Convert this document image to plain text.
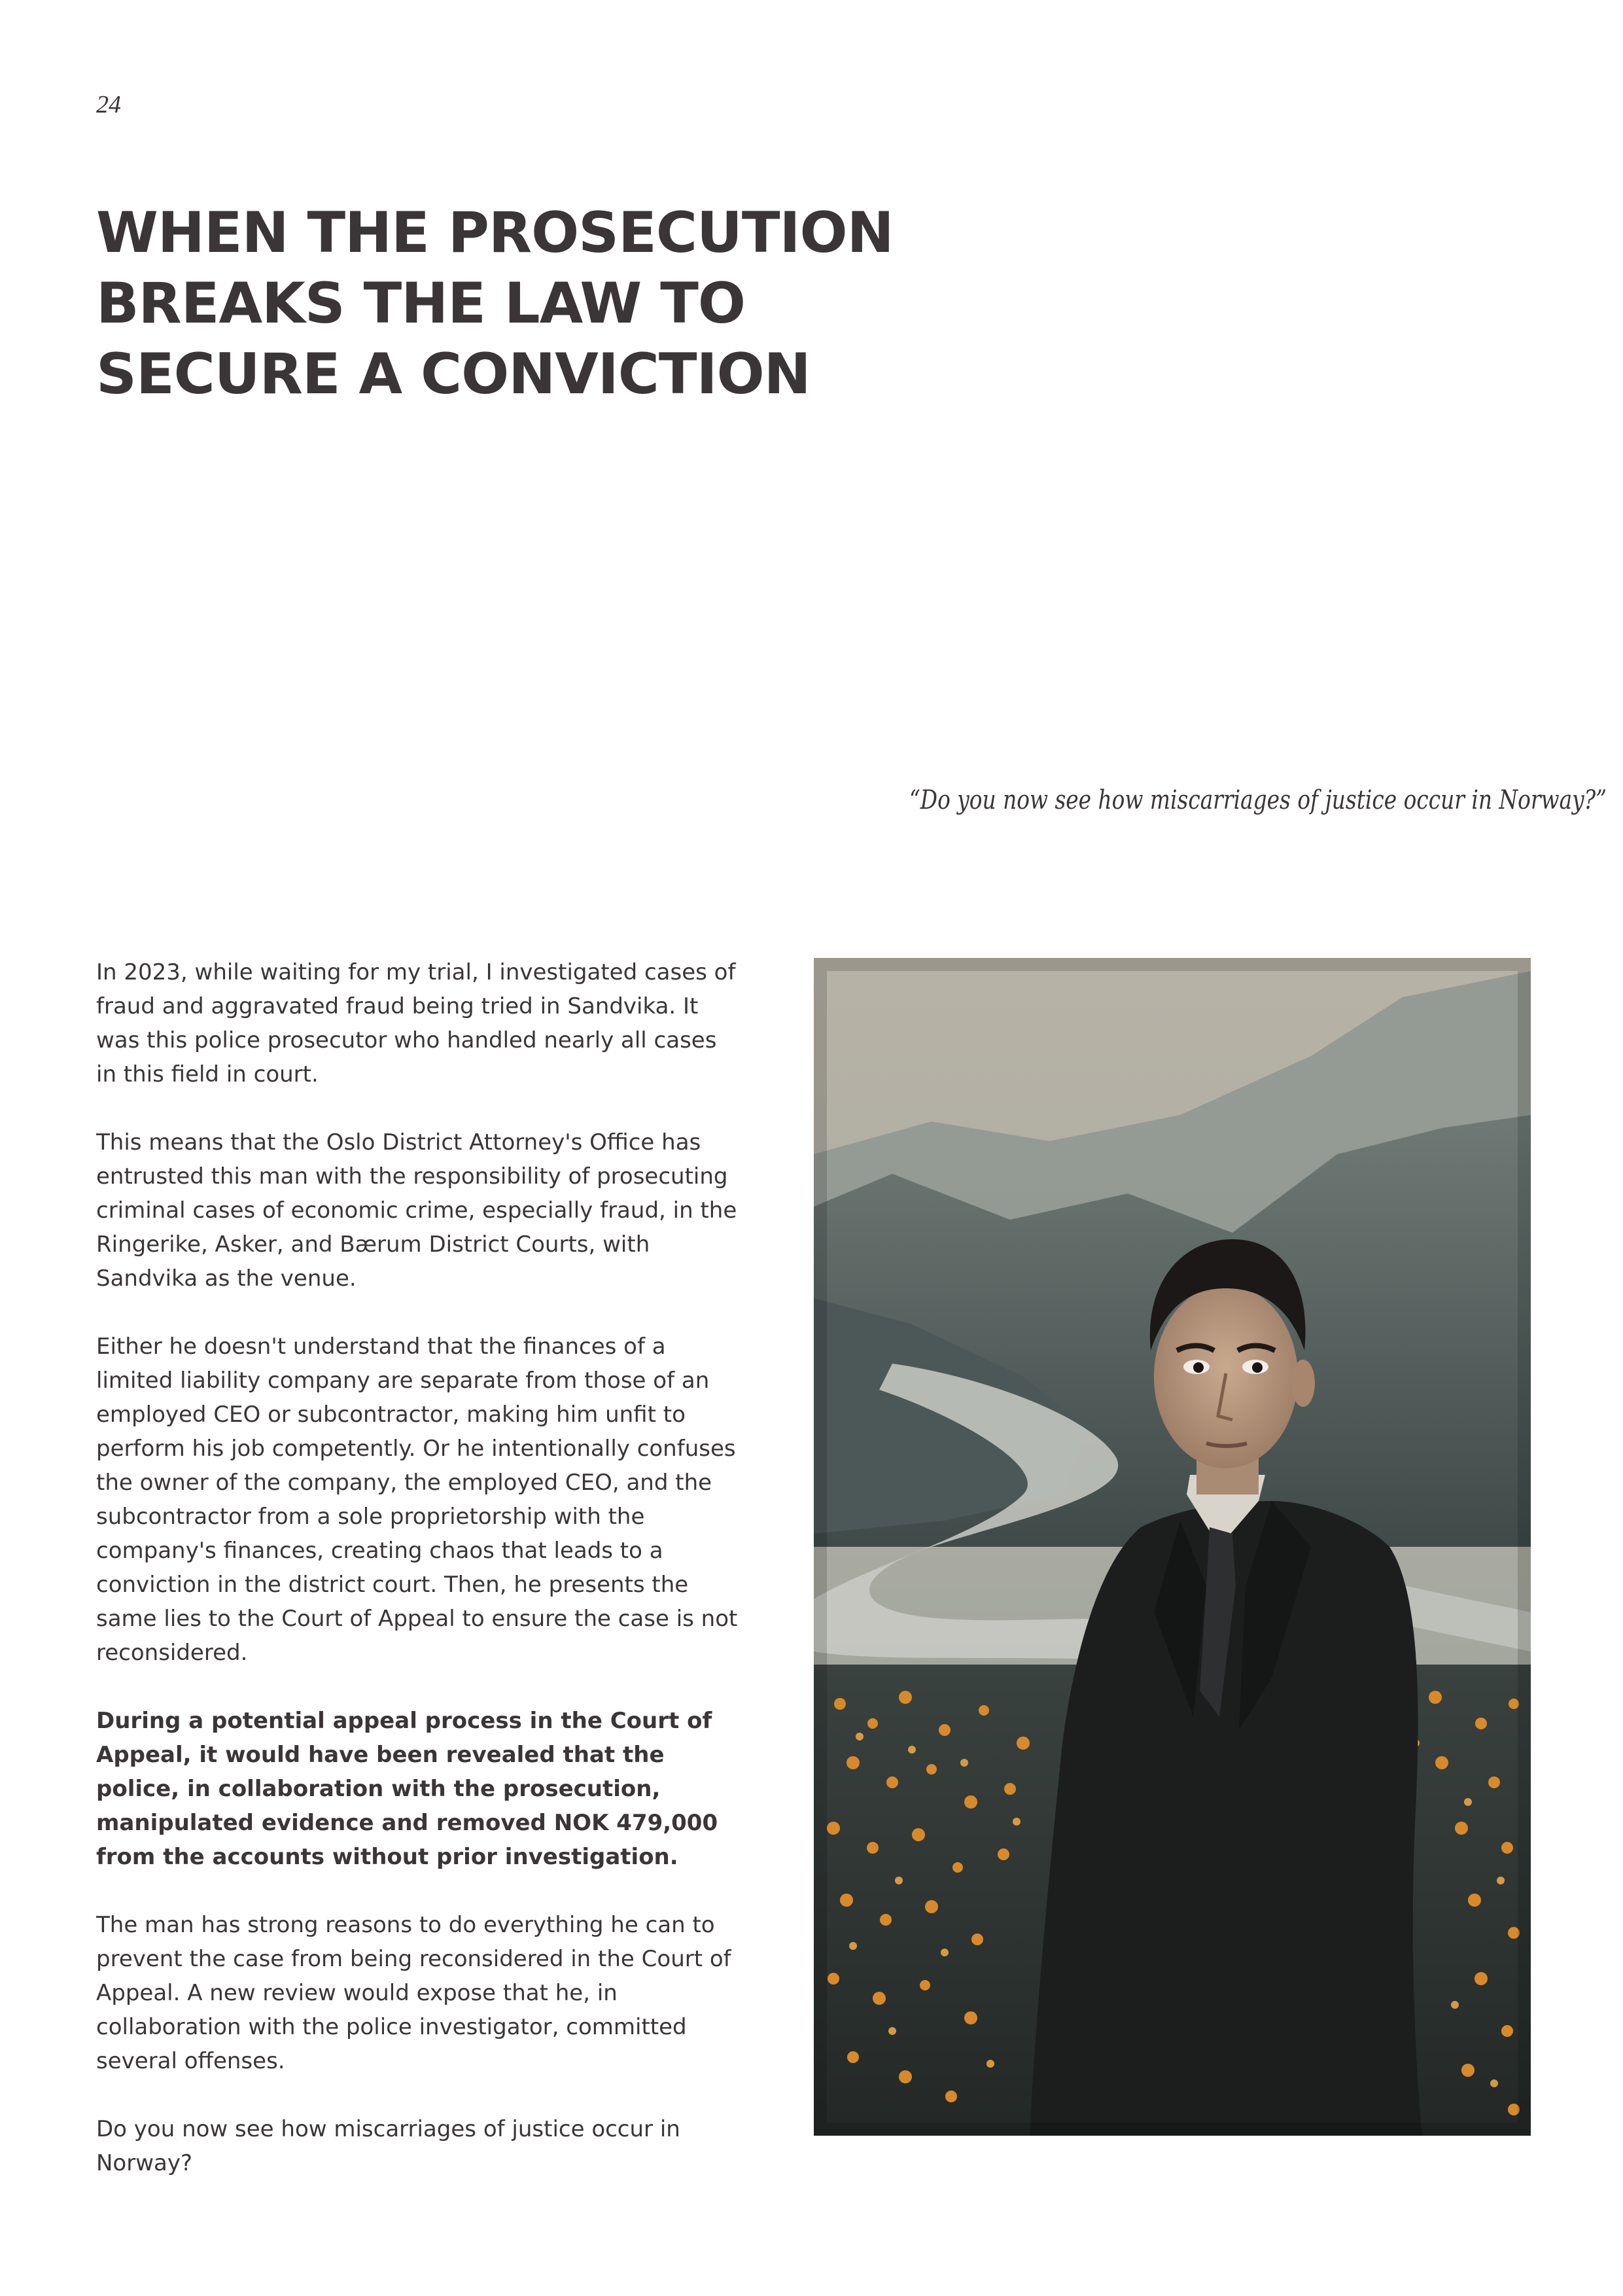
24
WHEN THE PROSECUTION
BREAKS THE LAW TO
SECURE A CONVICTION
“Do you now see how miscarriages of justice occur in Norway?”

In 2023, while waiting for my trial, I investigated cases of fraud and aggravated fraud being tried in Sandvika. It was this police prosecutor who handled nearly all cases in this field in court.

This means that the Oslo District Attorney's Office has entrusted this man with the responsibility of prosecuting criminal cases of economic crime, especially fraud, in the Ringerike, Asker, and Bærum District Courts, with Sandvika as the venue.

Either he doesn't understand that the finances of a limited liability company are separate from those of an employed CEO or subcontractor, making him unfit to perform his job competently. Or he intentionally confuses the owner of the company, the employed CEO, and the subcontractor from a sole proprietorship with the company's finances, creating chaos that leads to a conviction in the district court. Then, he presents the same lies to the Court of Appeal to ensure the case is not reconsidered.

During a potential appeal process in the Court of Appeal, it would have been revealed that the police, in collaboration with the prosecution, manipulated evidence and removed NOK 479,000 from the accounts without prior investigation.

The man has strong reasons to do everything he can to prevent the case from being reconsidered in the Court of Appeal. A new review would expose that he, in collaboration with the police investigator, committed several offenses.

Do you now see how miscarriages of justice occur in Norway?
